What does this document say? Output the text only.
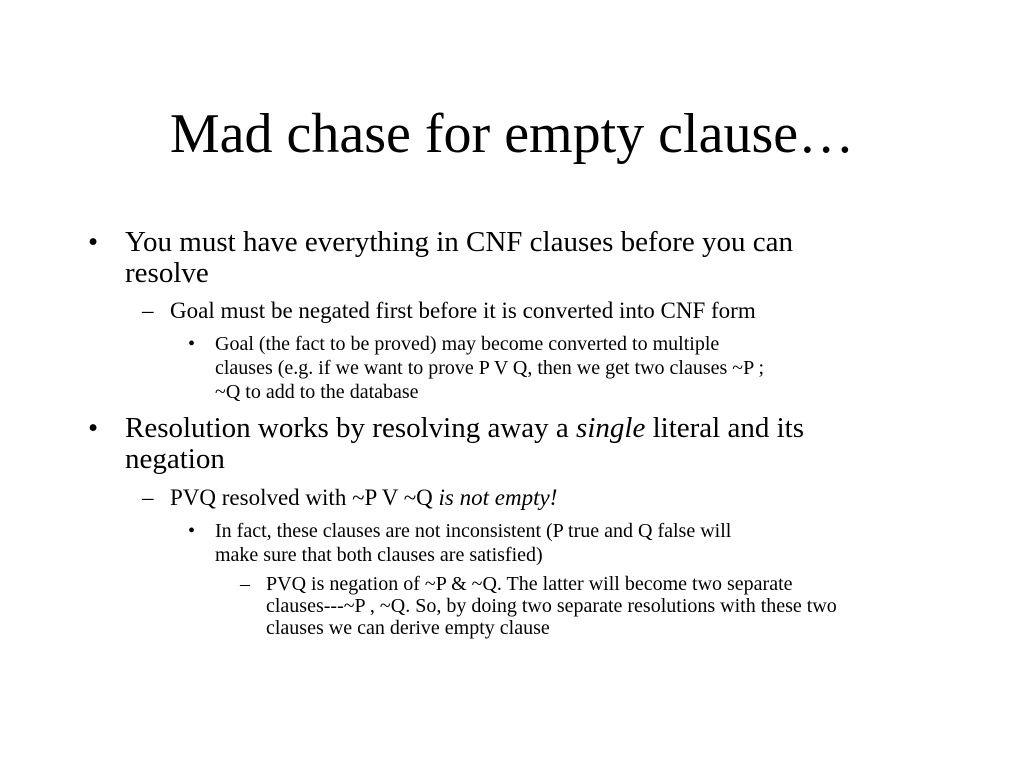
Mad chase for empty clause…
• You must have everything in CNF clauses before you can
resolve
– Goal must be negated first before it is converted into CNF form
• Goal (the fact to be proved) may become converted to multiple
clauses (e.g. if we want to prove P V Q, then we get two clauses ~P ;
~Q to add to the database
• Resolution works by resolving away a single literal and its
negation
– PVQ resolved with ~P V ~Q is not empty!
• In fact, these clauses are not inconsistent (P true and Q false will
make sure that both clauses are satisfied)
– PVQ is negation of ~P & ~Q. The latter will become two separate
clauses---~P , ~Q. So, by doing two separate resolutions with these two
clauses we can derive empty clause
